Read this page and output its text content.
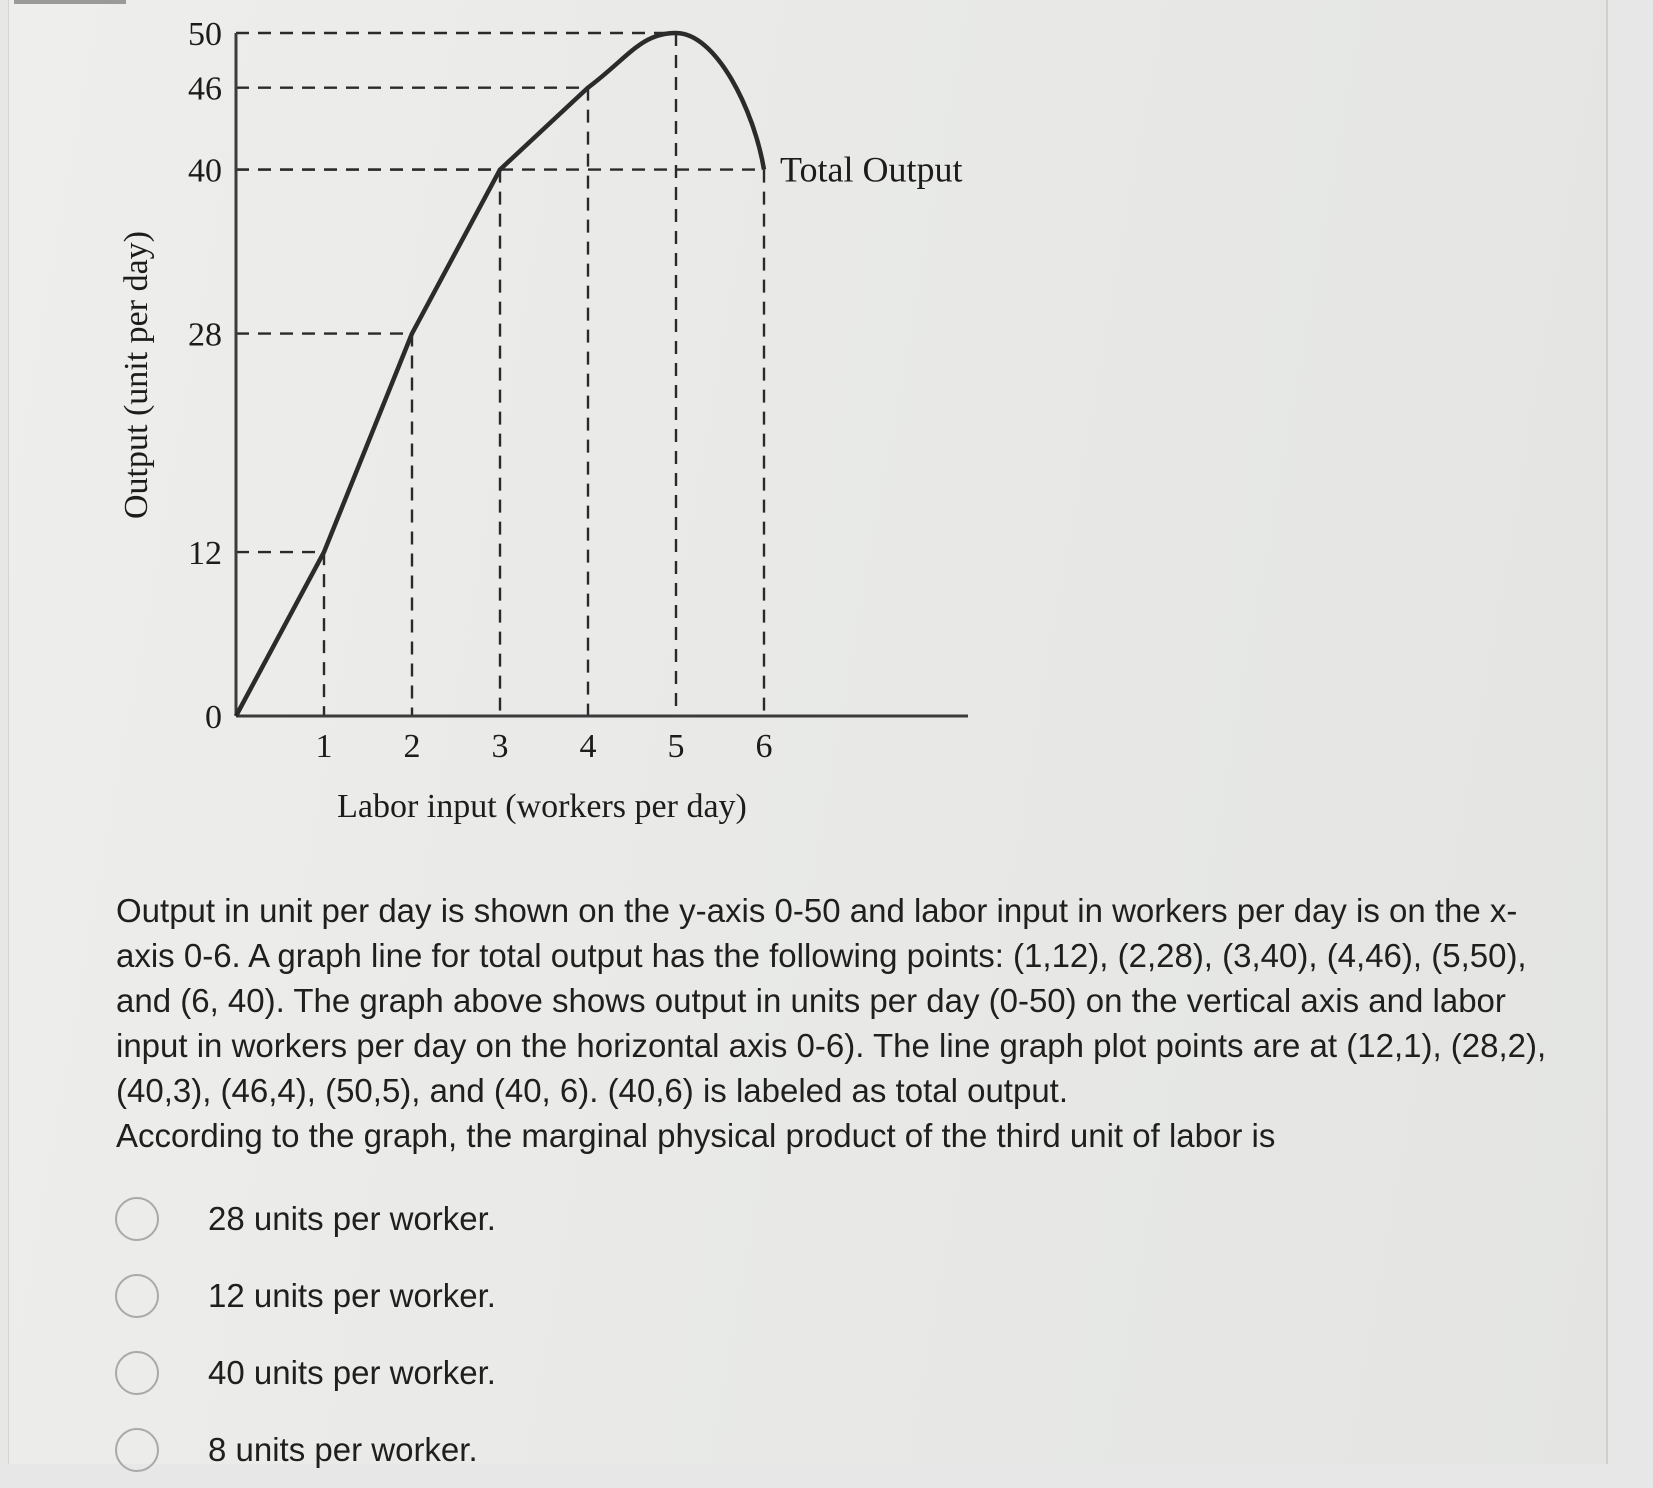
0
12
28
40
46
50
1 2 3 4 5 6
Labor input (workers per day)
Output (unit per day)
Total Output

Output in unit per day is shown on the y-axis 0-50 and labor input in workers per day is on the x-axis 0-6. A graph line for total output has the following points: (1,12), (2,28), (3,40), (4,46), (5,50), and (6, 40). The graph above shows output in units per day (0-50) on the vertical axis and labor input in workers per day on the horizontal axis 0-6). The line graph plot points are at (12,1), (28,2), (40,3), (46,4), (50,5), and (40, 6). (40,6) is labeled as total output.

According to the graph, the marginal physical product of the third unit of labor is

28 units per worker.
12 units per worker.
40 units per worker.
8 units per worker.
